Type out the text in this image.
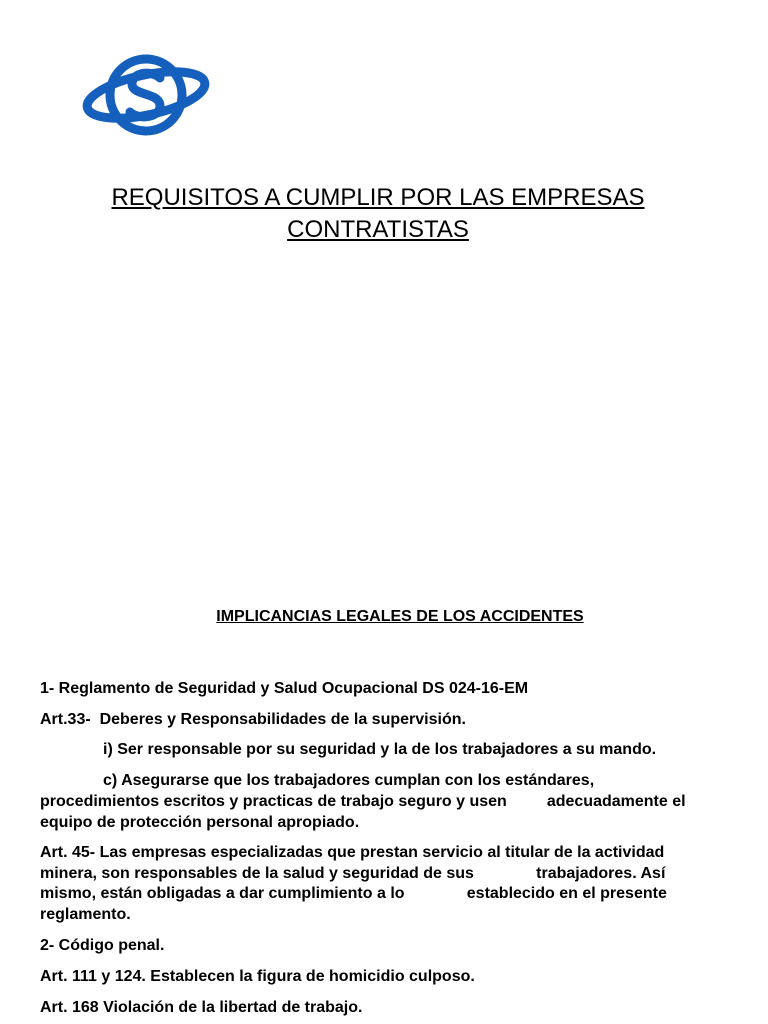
REQUISITOS A CUMPLIR POR LAS EMPRESAS
CONTRATISTAS
IMPLICANCIAS LEGALES DE LOS ACCIDENTES
1- Reglamento de Seguridad y Salud Ocupacional DS 024-16-EM
Art.33-  Deberes y Responsabilidades de la supervisión.
i) Ser responsable por su seguridad y la de los trabajadores a su mando.
c) Asegurarse que los trabajadores cumplan con los estándares,
procedimientos escritos y practicas de trabajo seguro y usen         adecuadamente el
equipo de protección personal apropiado.
Art. 45- Las empresas especializadas que prestan servicio al titular de la actividad
minera, son responsables de la salud y seguridad de sus              trabajadores. Así
mismo, están obligadas a dar cumplimiento a lo              establecido en el presente
reglamento.
2- Código penal.
Art. 111 y 124. Establecen la figura de homicidio culposo.
Art. 168 Violación de la libertad de trabajo.
